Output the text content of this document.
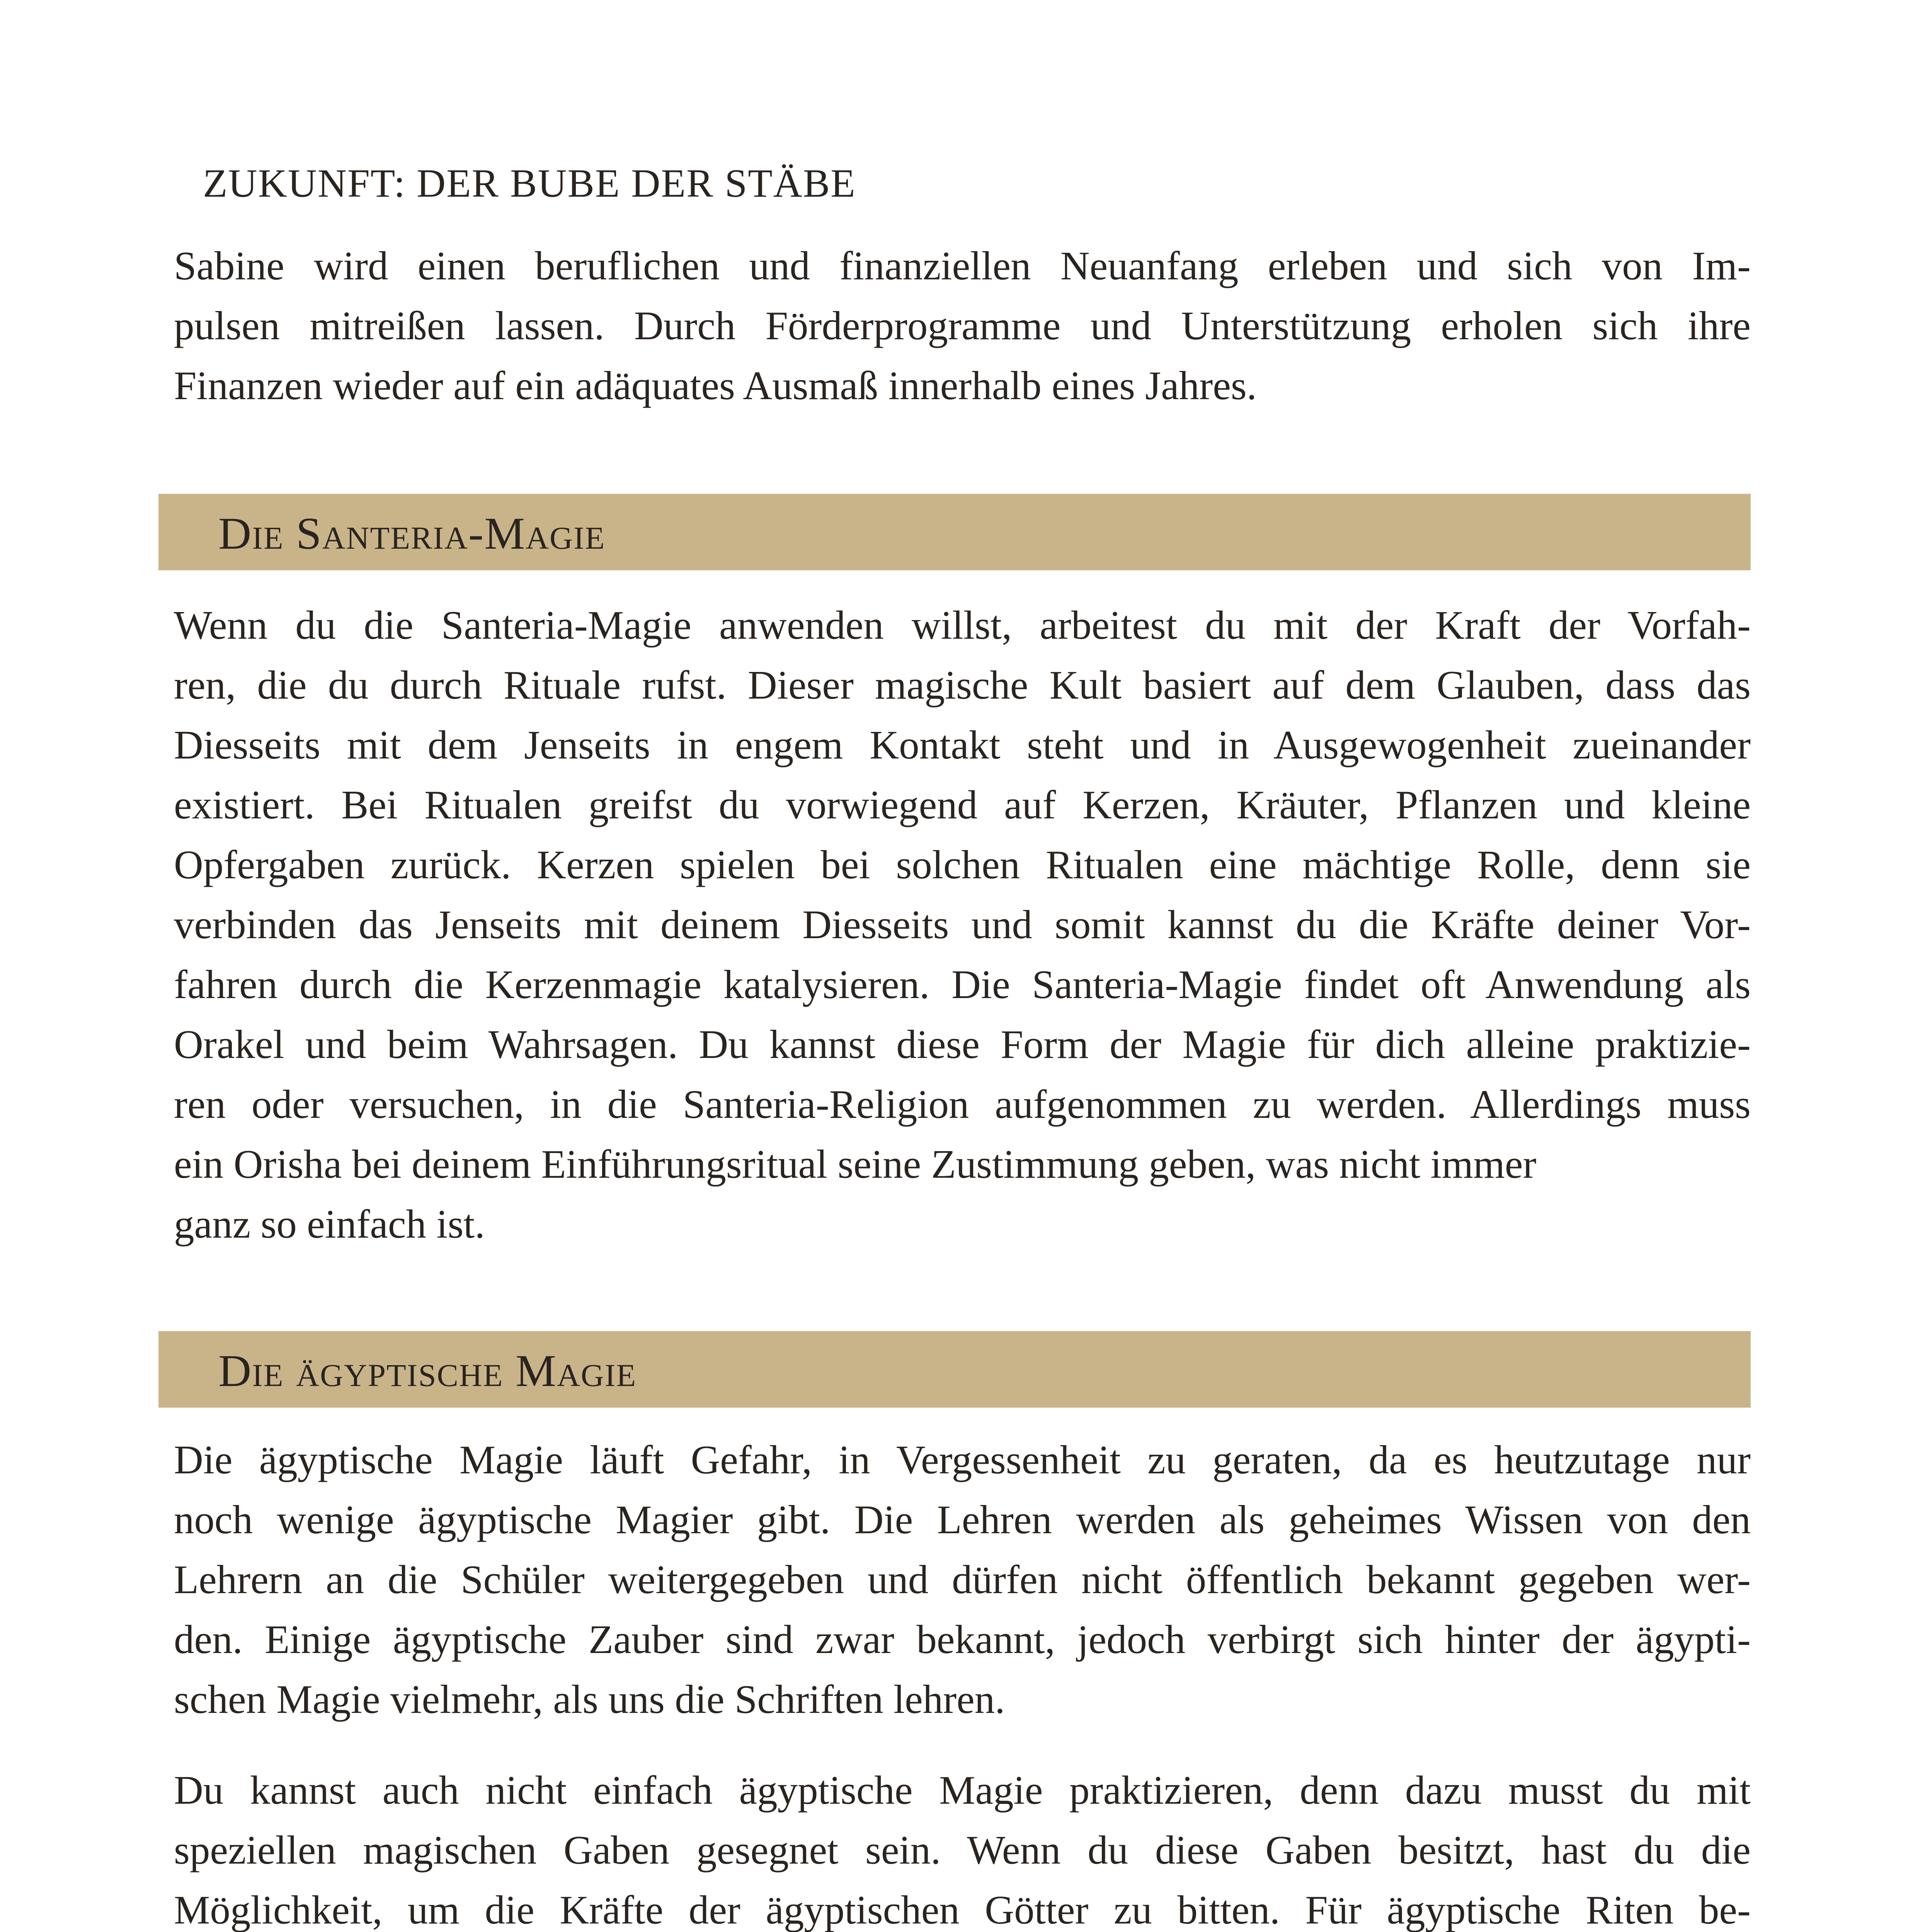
ZUKUNFT: DER BUBE DER STÄBE
Sabine wird einen beruflichen und finanziellen Neuanfang erleben und sich von Im-
pulsen mitreißen lassen. Durch Förderprogramme und Unterstützung erholen sich ihre
Finanzen wieder auf ein adäquates Ausmaß innerhalb eines Jahres.
Die Santeria-Magie
Wenn du die Santeria-Magie anwenden willst, arbeitest du mit der Kraft der Vorfah-
ren, die du durch Rituale rufst. Dieser magische Kult basiert auf dem Glauben, dass das
Diesseits mit dem Jenseits in engem Kontakt steht und in Ausgewogenheit zueinander
existiert. Bei Ritualen greifst du vorwiegend auf Kerzen, Kräuter, Pflanzen und kleine
Opfergaben zurück. Kerzen spielen bei solchen Ritualen eine mächtige Rolle, denn sie
verbinden das Jenseits mit deinem Diesseits und somit kannst du die Kräfte deiner Vor-
fahren durch die Kerzenmagie katalysieren. Die Santeria-Magie findet oft Anwendung als
Orakel und beim Wahrsagen. Du kannst diese Form der Magie für dich alleine praktizie-
ren oder versuchen, in die Santeria-Religion aufgenommen zu werden. Allerdings muss
ein Orisha bei deinem Einführungsritual seine Zustimmung geben, was nicht immer
ganz so einfach ist.
Die ägyptische Magie
Die ägyptische Magie läuft Gefahr, in Vergessenheit zu geraten, da es heutzutage nur
noch wenige ägyptische Magier gibt. Die Lehren werden als geheimes Wissen von den
Lehrern an die Schüler weitergegeben und dürfen nicht öffentlich bekannt gegeben wer-
den. Einige ägyptische Zauber sind zwar bekannt, jedoch verbirgt sich hinter der ägypti-
schen Magie vielmehr, als uns die Schriften lehren.
Du kannst auch nicht einfach ägyptische Magie praktizieren, denn dazu musst du mit
speziellen magischen Gaben gesegnet sein. Wenn du diese Gaben besitzt, hast du die
Möglichkeit, um die Kräfte der ägyptischen Götter zu bitten. Für ägyptische Riten be-
